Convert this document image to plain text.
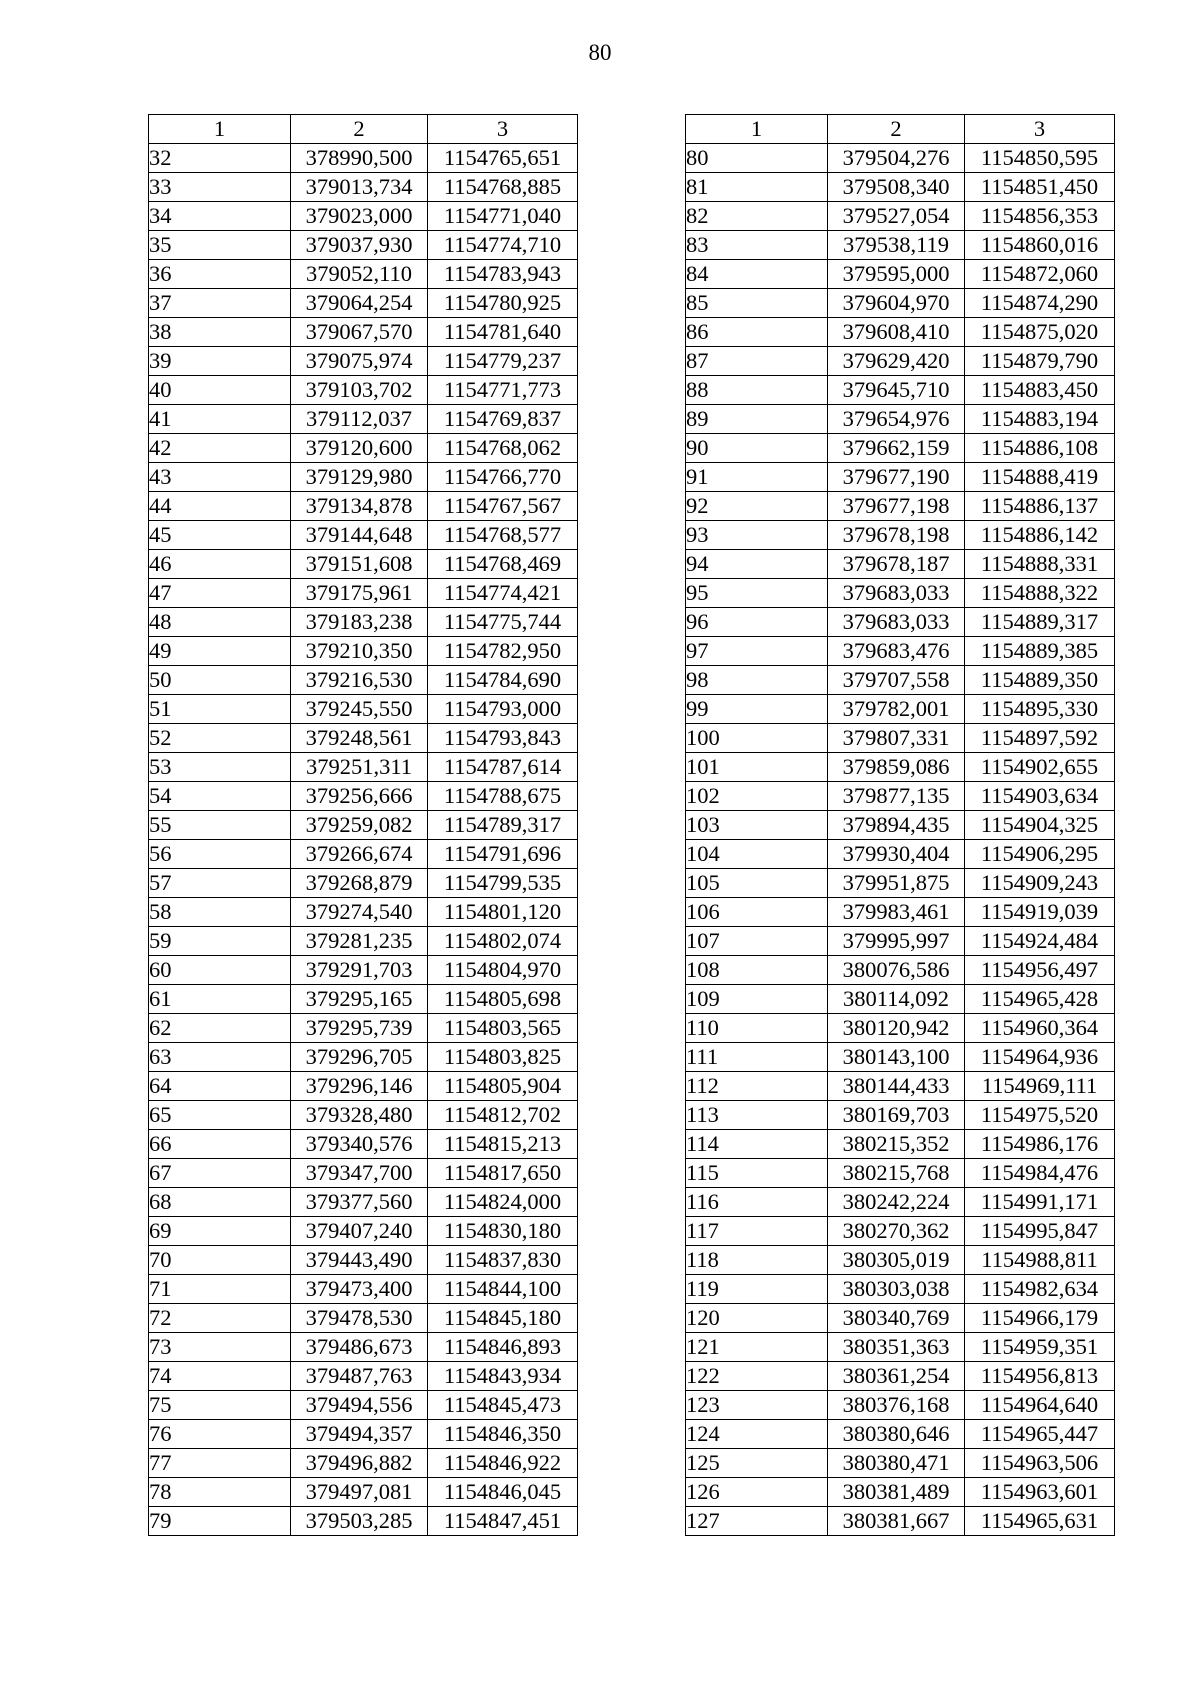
80
1	2	3
32	378990,500	1154765,651
33	379013,734	1154768,885
34	379023,000	1154771,040
35	379037,930	1154774,710
36	379052,110	1154783,943
37	379064,254	1154780,925
38	379067,570	1154781,640
39	379075,974	1154779,237
40	379103,702	1154771,773
41	379112,037	1154769,837
42	379120,600	1154768,062
43	379129,980	1154766,770
44	379134,878	1154767,567
45	379144,648	1154768,577
46	379151,608	1154768,469
47	379175,961	1154774,421
48	379183,238	1154775,744
49	379210,350	1154782,950
50	379216,530	1154784,690
51	379245,550	1154793,000
52	379248,561	1154793,843
53	379251,311	1154787,614
54	379256,666	1154788,675
55	379259,082	1154789,317
56	379266,674	1154791,696
57	379268,879	1154799,535
58	379274,540	1154801,120
59	379281,235	1154802,074
60	379291,703	1154804,970
61	379295,165	1154805,698
62	379295,739	1154803,565
63	379296,705	1154803,825
64	379296,146	1154805,904
65	379328,480	1154812,702
66	379340,576	1154815,213
67	379347,700	1154817,650
68	379377,560	1154824,000
69	379407,240	1154830,180
70	379443,490	1154837,830
71	379473,400	1154844,100
72	379478,530	1154845,180
73	379486,673	1154846,893
74	379487,763	1154843,934
75	379494,556	1154845,473
76	379494,357	1154846,350
77	379496,882	1154846,922
78	379497,081	1154846,045
79	379503,285	1154847,451
1	2	3
80	379504,276	1154850,595
81	379508,340	1154851,450
82	379527,054	1154856,353
83	379538,119	1154860,016
84	379595,000	1154872,060
85	379604,970	1154874,290
86	379608,410	1154875,020
87	379629,420	1154879,790
88	379645,710	1154883,450
89	379654,976	1154883,194
90	379662,159	1154886,108
91	379677,190	1154888,419
92	379677,198	1154886,137
93	379678,198	1154886,142
94	379678,187	1154888,331
95	379683,033	1154888,322
96	379683,033	1154889,317
97	379683,476	1154889,385
98	379707,558	1154889,350
99	379782,001	1154895,330
100	379807,331	1154897,592
101	379859,086	1154902,655
102	379877,135	1154903,634
103	379894,435	1154904,325
104	379930,404	1154906,295
105	379951,875	1154909,243
106	379983,461	1154919,039
107	379995,997	1154924,484
108	380076,586	1154956,497
109	380114,092	1154965,428
110	380120,942	1154960,364
111	380143,100	1154964,936
112	380144,433	1154969,111
113	380169,703	1154975,520
114	380215,352	1154986,176
115	380215,768	1154984,476
116	380242,224	1154991,171
117	380270,362	1154995,847
118	380305,019	1154988,811
119	380303,038	1154982,634
120	380340,769	1154966,179
121	380351,363	1154959,351
122	380361,254	1154956,813
123	380376,168	1154964,640
124	380380,646	1154965,447
125	380380,471	1154963,506
126	380381,489	1154963,601
127	380381,667	1154965,631
